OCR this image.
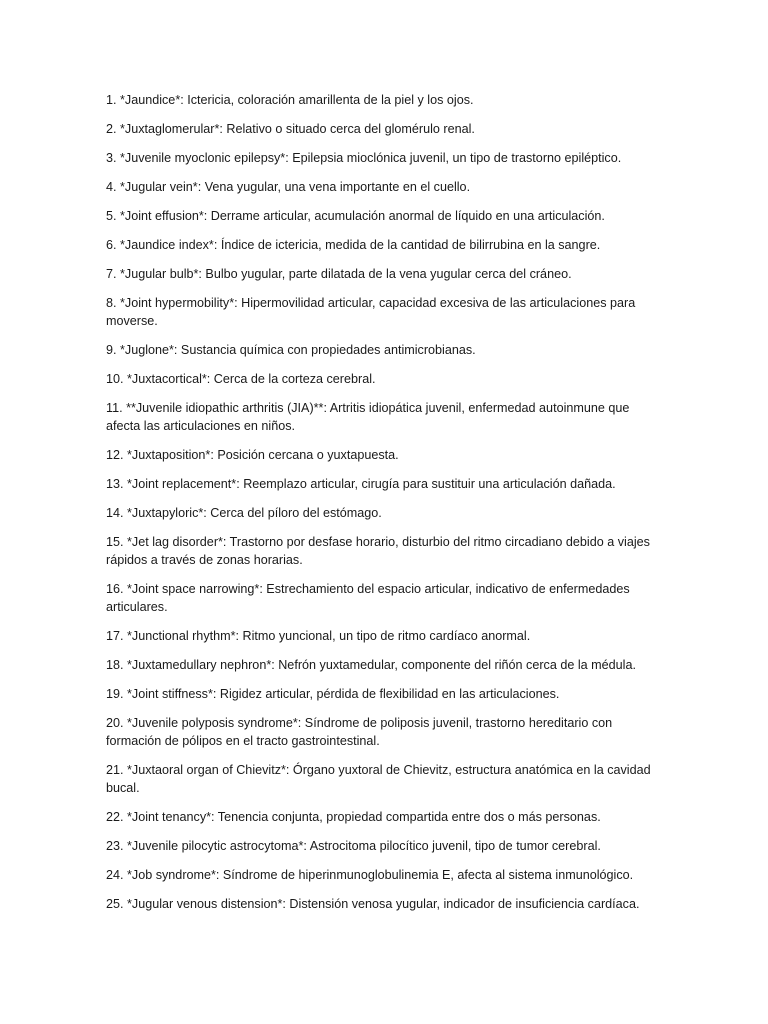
1. *Jaundice*: Ictericia, coloración amarillenta de la piel y los ojos.
2. *Juxtaglomerular*: Relativo o situado cerca del glomérulo renal.
3. *Juvenile myoclonic epilepsy*: Epilepsia mioclónica juvenil, un tipo de trastorno epiléptico.
4. *Jugular vein*: Vena yugular, una vena importante en el cuello.
5. *Joint effusion*: Derrame articular, acumulación anormal de líquido en una articulación.
6. *Jaundice index*: Índice de ictericia, medida de la cantidad de bilirrubina en la sangre.
7. *Jugular bulb*: Bulbo yugular, parte dilatada de la vena yugular cerca del cráneo.
8. *Joint hypermobility*: Hipermovilidad articular, capacidad excesiva de las articulaciones para moverse.
9. *Juglone*: Sustancia química con propiedades antimicrobianas.
10. *Juxtacortical*: Cerca de la corteza cerebral.
11. **Juvenile idiopathic arthritis (JIA)**: Artritis idiopática juvenil, enfermedad autoinmune que afecta las articulaciones en niños.
12. *Juxtaposition*: Posición cercana o yuxtapuesta.
13. *Joint replacement*: Reemplazo articular, cirugía para sustituir una articulación dañada.
14. *Juxtapyloric*: Cerca del píloro del estómago.
15. *Jet lag disorder*: Trastorno por desfase horario, disturbio del ritmo circadiano debido a viajes rápidos a través de zonas horarias.
16. *Joint space narrowing*: Estrechamiento del espacio articular, indicativo de enfermedades articulares.
17. *Junctional rhythm*: Ritmo yuncional, un tipo de ritmo cardíaco anormal.
18. *Juxtamedullary nephron*: Nefrón yuxtamedular, componente del riñón cerca de la médula.
19. *Joint stiffness*: Rigidez articular, pérdida de flexibilidad en las articulaciones.
20. *Juvenile polyposis syndrome*: Síndrome de poliposis juvenil, trastorno hereditario con formación de pólipos en el tracto gastrointestinal.
21. *Juxtaoral organ of Chievitz*: Órgano yuxtoral de Chievitz, estructura anatómica en la cavidad bucal.
22. *Joint tenancy*: Tenencia conjunta, propiedad compartida entre dos o más personas.
23. *Juvenile pilocytic astrocytoma*: Astrocitoma pilocítico juvenil, tipo de tumor cerebral.
24. *Job syndrome*: Síndrome de hiperinmunoglobulinemia E, afecta al sistema inmunológico.
25. *Jugular venous distension*: Distensión venosa yugular, indicador de insuficiencia cardíaca.
